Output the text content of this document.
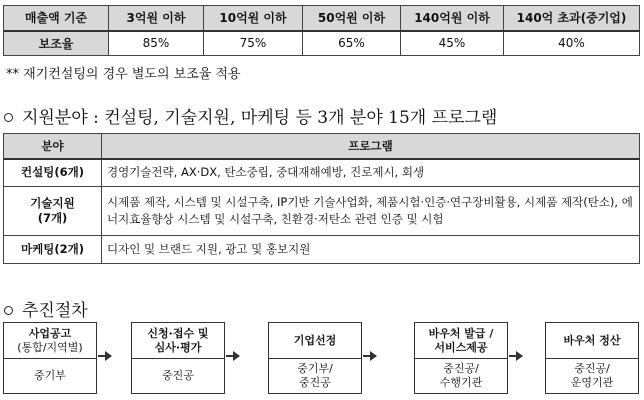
매출액 기준	3억원 이하	10억원 이하	50억원 이하	140억원 이하	140억 초과(중기업)
보조율	85%	75%	65%	45%	40%
** 재기컨설팅의 경우 별도의 보조율 적용
지원분야 : 컨설팅, 기술지원, 마케팅 등 3개 분야 15개 프로그램
분야	프로그램
컨설팅(6개)	경영기술전략, AX·DX, 탄소중립, 중대재해예방, 진로제시, 회생
기술지원
(7개)	시제품 제작, 시스템 및 시설구축, IP기반 기술사업화, 제품시험·인증·연구장비활용, 시제품 제작(탄소), 에너지효율향상 시스템 및 시설구축, 친환경·저탄소 관련 인증 및 시험
마케팅(2개)	디자인 및 브랜드 지원, 광고 및 홍보지원
추진절차
사업공고
(통합/지역별)
중기부
신청·접수 및
심사·평가
중진공
기업선정
중기부/
중진공
바우처 발급 /
서비스제공
중진공/
수행기관
바우처 정산
중진공/
운영기관
